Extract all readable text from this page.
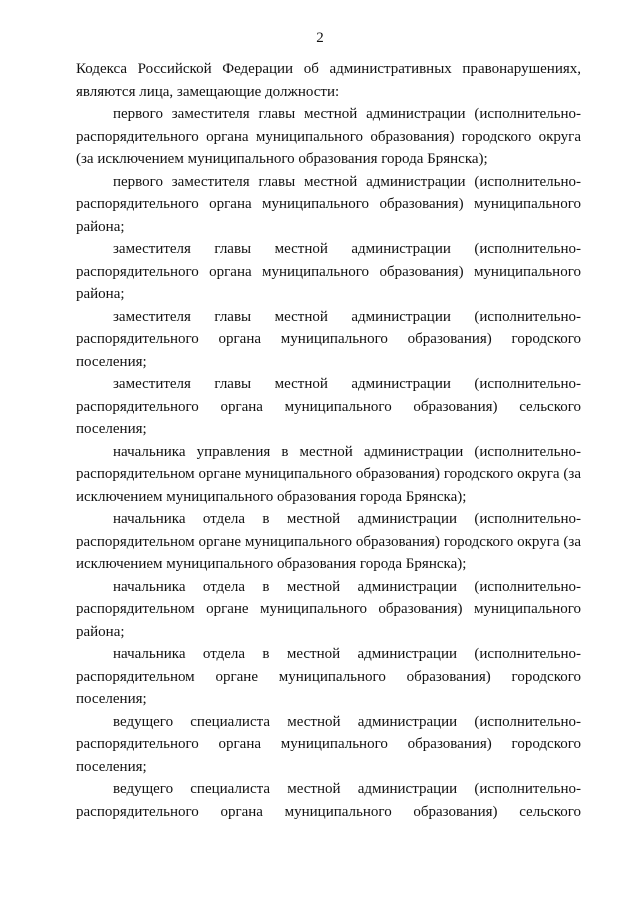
2

Кодекса Российской Федерации об административных правонарушениях, являются лица, замещающие должности:

первого заместителя главы местной администрации (исполнительно-распорядительного органа муниципального образования) городского округа (за исключением муниципального образования города Брянска);

первого заместителя главы местной администрации (исполнительно-распорядительного органа муниципального образования) муниципального района;

заместителя главы местной администрации (исполнительно-распорядительного органа муниципального образования) муниципального района;

заместителя главы местной администрации (исполнительно-распорядительного органа муниципального образования) городского поселения;

заместителя главы местной администрации (исполнительно-распорядительного органа муниципального образования) сельского поселения;

начальника управления в местной администрации (исполнительно-распорядительном органе муниципального образования) городского округа (за исключением муниципального образования города Брянска);

начальника отдела в местной администрации (исполнительно-распорядительном органе муниципального образования) городского округа (за исключением муниципального образования города Брянска);

начальника отдела в местной администрации (исполнительно-распорядительном органе муниципального образования) муниципального района;

начальника отдела в местной администрации (исполнительно-распорядительном органе муниципального образования) городского поселения;

ведущего специалиста местной администрации (исполнительно-распорядительного органа муниципального образования) городского поселения;

ведущего специалиста местной администрации (исполнительно-распорядительного органа муниципального образования) сельского
